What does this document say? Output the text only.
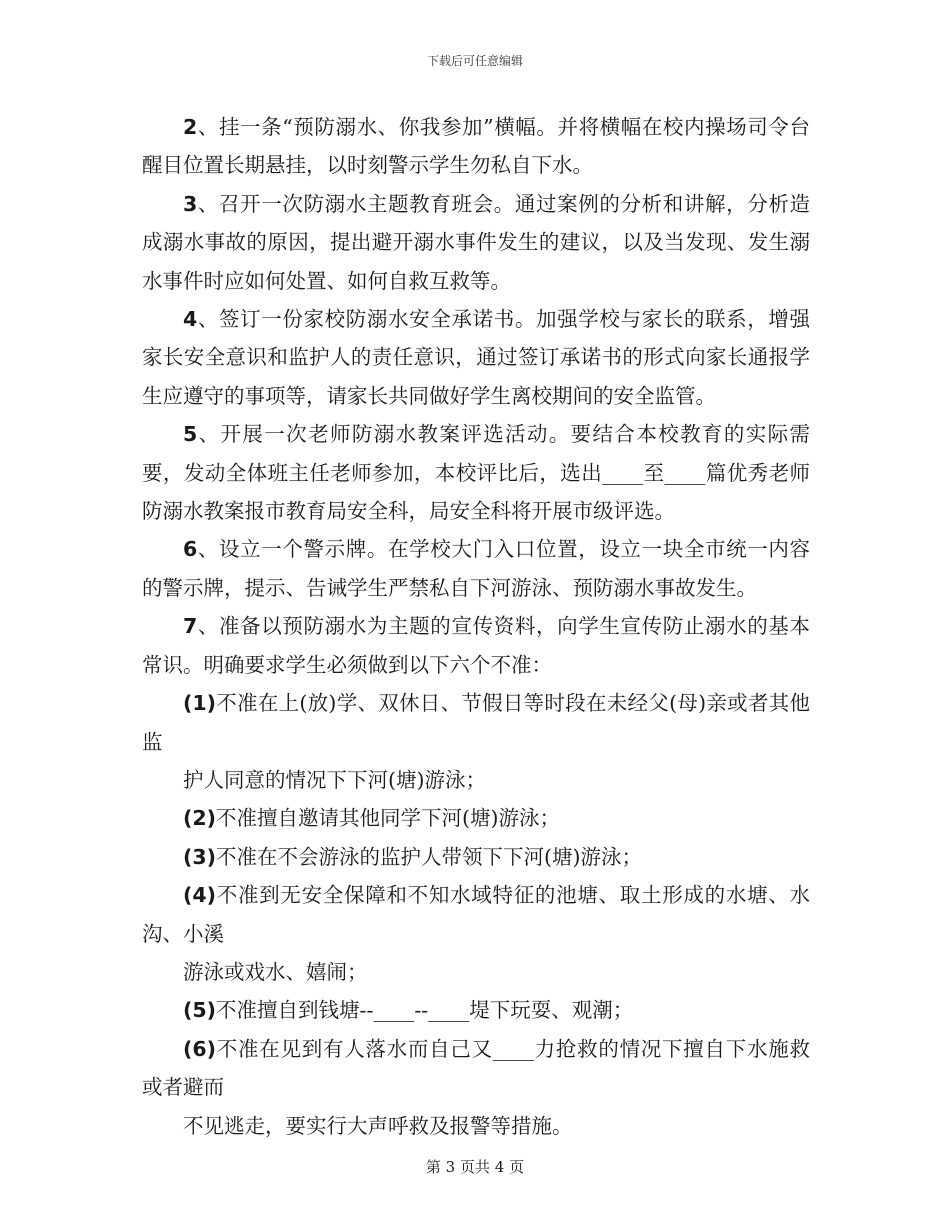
下载后可任意编辑

2、挂一条“预防溺水、你我参加”横幅。并将横幅在校内操场司令台醒目位置长期悬挂，以时刻警示学生勿私自下水。

3、召开一次防溺水主题教育班会。通过案例的分析和讲解，分析造成溺水事故的原因，提出避开溺水事件发生的建议，以及当发现、发生溺水事件时应如何处置、如何自救互救等。

4、签订一份家校防溺水安全承诺书。加强学校与家长的联系，增强家长安全意识和监护人的责任意识，通过签订承诺书的形式向家长通报学生应遵守的事项等，请家长共同做好学生离校期间的安全监管。

5、开展一次老师防溺水教案评选活动。要结合本校教育的实际需要，发动全体班主任老师参加，本校评比后，选出____至____篇优秀老师防溺水教案报市教育局安全科，局安全科将开展市级评选。

6、设立一个警示牌。在学校大门入口位置，设立一块全市统一内容的警示牌，提示、告诫学生严禁私自下河游泳、预防溺水事故发生。

7、准备以预防溺水为主题的宣传资料，向学生宣传防止溺水的基本常识。明确要求学生必须做到以下六个不准：

(1)不准在上(放)学、双休日、节假日等时段在未经父(母)亲或者其他监

护人同意的情况下下河(塘)游泳；

(2)不准擅自邀请其他同学下河(塘)游泳；

(3)不准在不会游泳的监护人带领下下河(塘)游泳；

(4)不准到无安全保障和不知水域特征的池塘、取土形成的水塘、水沟、小溪

游泳或戏水、嬉闹；

(5)不准擅自到钱塘--____--____堤下玩耍、观潮；

(6)不准在见到有人落水而自己又____力抢救的情况下擅自下水施救或者避而

不见逃走，要实行大声呼救及报警等措施。

第 3 页共 4 页
